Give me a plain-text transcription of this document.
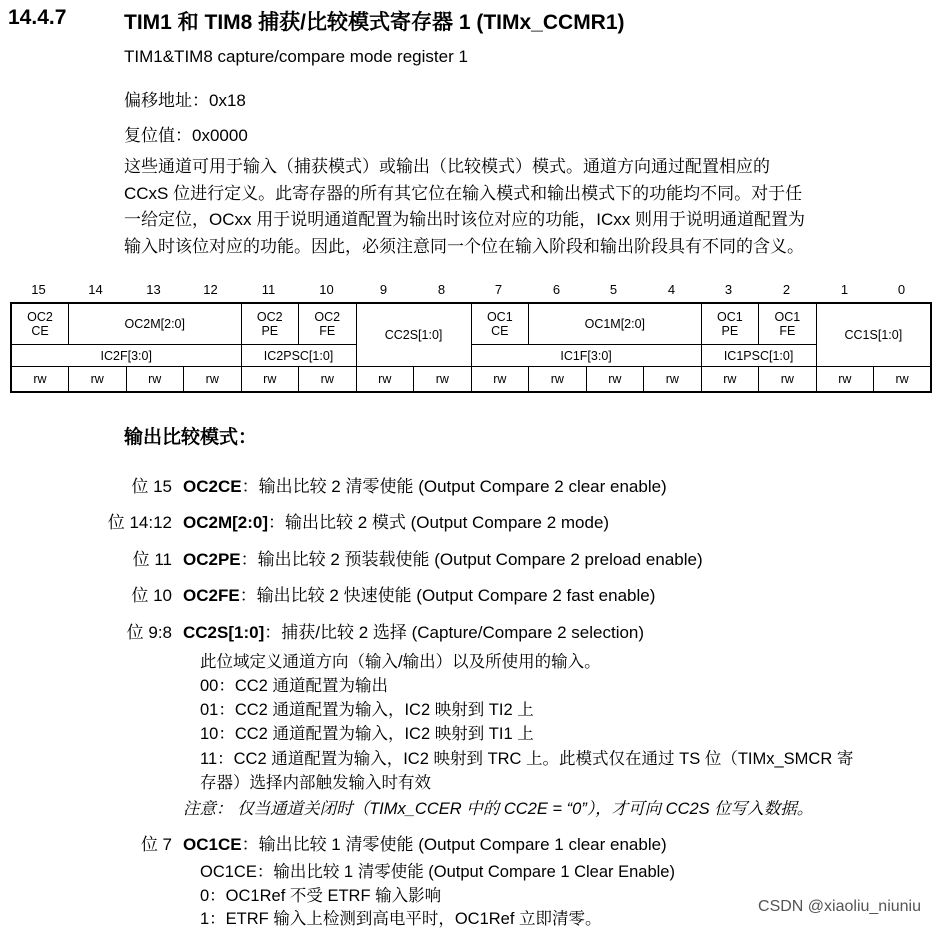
14.4.7	TIM1 和 TIM8 捕获/比较模式寄存器 1 (TIMx_CCMR1)
TIM1&TIM8 capture/compare mode register 1
偏移地址：0x18
复位值：0x0000
这些通道可用于输入（捕获模式）或输出（比较模式）模式。通道方向通过配置相应的
CCxS 位进行定义。此寄存器的所有其它位在输入模式和输出模式下的功能均不同。对于任
一给定位，OCxx 用于说明通道配置为输出时该位对应的功能，ICxx 则用于说明通道配置为
输入时该位对应的功能。因此，必须注意同一个位在输入阶段和输出阶段具有不同的含义。
15	14	13	12	11	10	9	8	7	6	5	4	3	2	1	0
OC2 CE	OC2M[2:0]			OC2 PE	OC2 FE	CC2S[1:0]		OC1 CE	OC1M[2:0]			OC1 PE	OC1 FE	CC1S[1:0]	
IC2F[3:0]				IC2PSC[1:0]				IC1F[3:0]				IC1PSC[1:0]			
rw	rw	rw	rw	rw	rw	rw	rw	rw	rw	rw	rw	rw	rw	rw	rw
输出比较模式：
位 15 OC2CE：输出比较 2 清零使能 (Output Compare 2 clear enable)
位 14:12 OC2M[2:0]：输出比较 2 模式 (Output Compare 2 mode)
位 11 OC2PE：输出比较 2 预装载使能 (Output Compare 2 preload enable)
位 10 OC2FE：输出比较 2 快速使能 (Output Compare 2 fast enable)
位 9:8 CC2S[1:0]：捕获/比较 2 选择 (Capture/Compare 2 selection)
此位域定义通道方向（输入/输出）以及所使用的输入。
00：CC2 通道配置为输出
01：CC2 通道配置为输入，IC2 映射到 TI2 上
10：CC2 通道配置为输入，IC2 映射到 TI1 上
11：CC2 通道配置为输入，IC2 映射到 TRC 上。此模式仅在通过 TS 位（TIMx_SMCR 寄
存器）选择内部触发输入时有效
注意： 仅当通道关闭时（TIMx_CCER 中的 CC2E = “0”），才可向 CC2S 位写入数据。
位 7 OC1CE：输出比较 1 清零使能 (Output Compare 1 clear enable)
OC1CE：输出比较 1 清零使能 (Output Compare 1 Clear Enable)
0：OC1Ref 不受 ETRF 输入影响
1：ETRF 输入上检测到高电平时，OC1Ref 立即清零。
CSDN @xiaoliu_niuniu
